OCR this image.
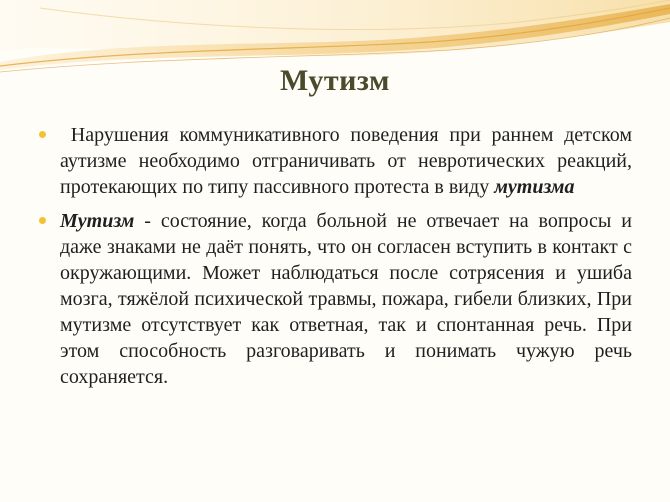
Мутизм

Нарушения коммуникативного поведения при раннем детском аутизме необходимо отграничивать от невротических реакций, протекающих по типу пассивного протеста в виду мутизма

Мутизм - состояние, когда больной не отвечает на вопросы и даже знаками не даёт понять, что он согласен вступить в контакт с окружающими. Может наблюдаться после сотрясения и ушиба мозга, тяжёлой психической травмы, пожара, гибели близких, При мутизме отсутствует как ответная, так и спонтанная речь. При этом способность разговаривать и понимать чужую речь сохраняется.
